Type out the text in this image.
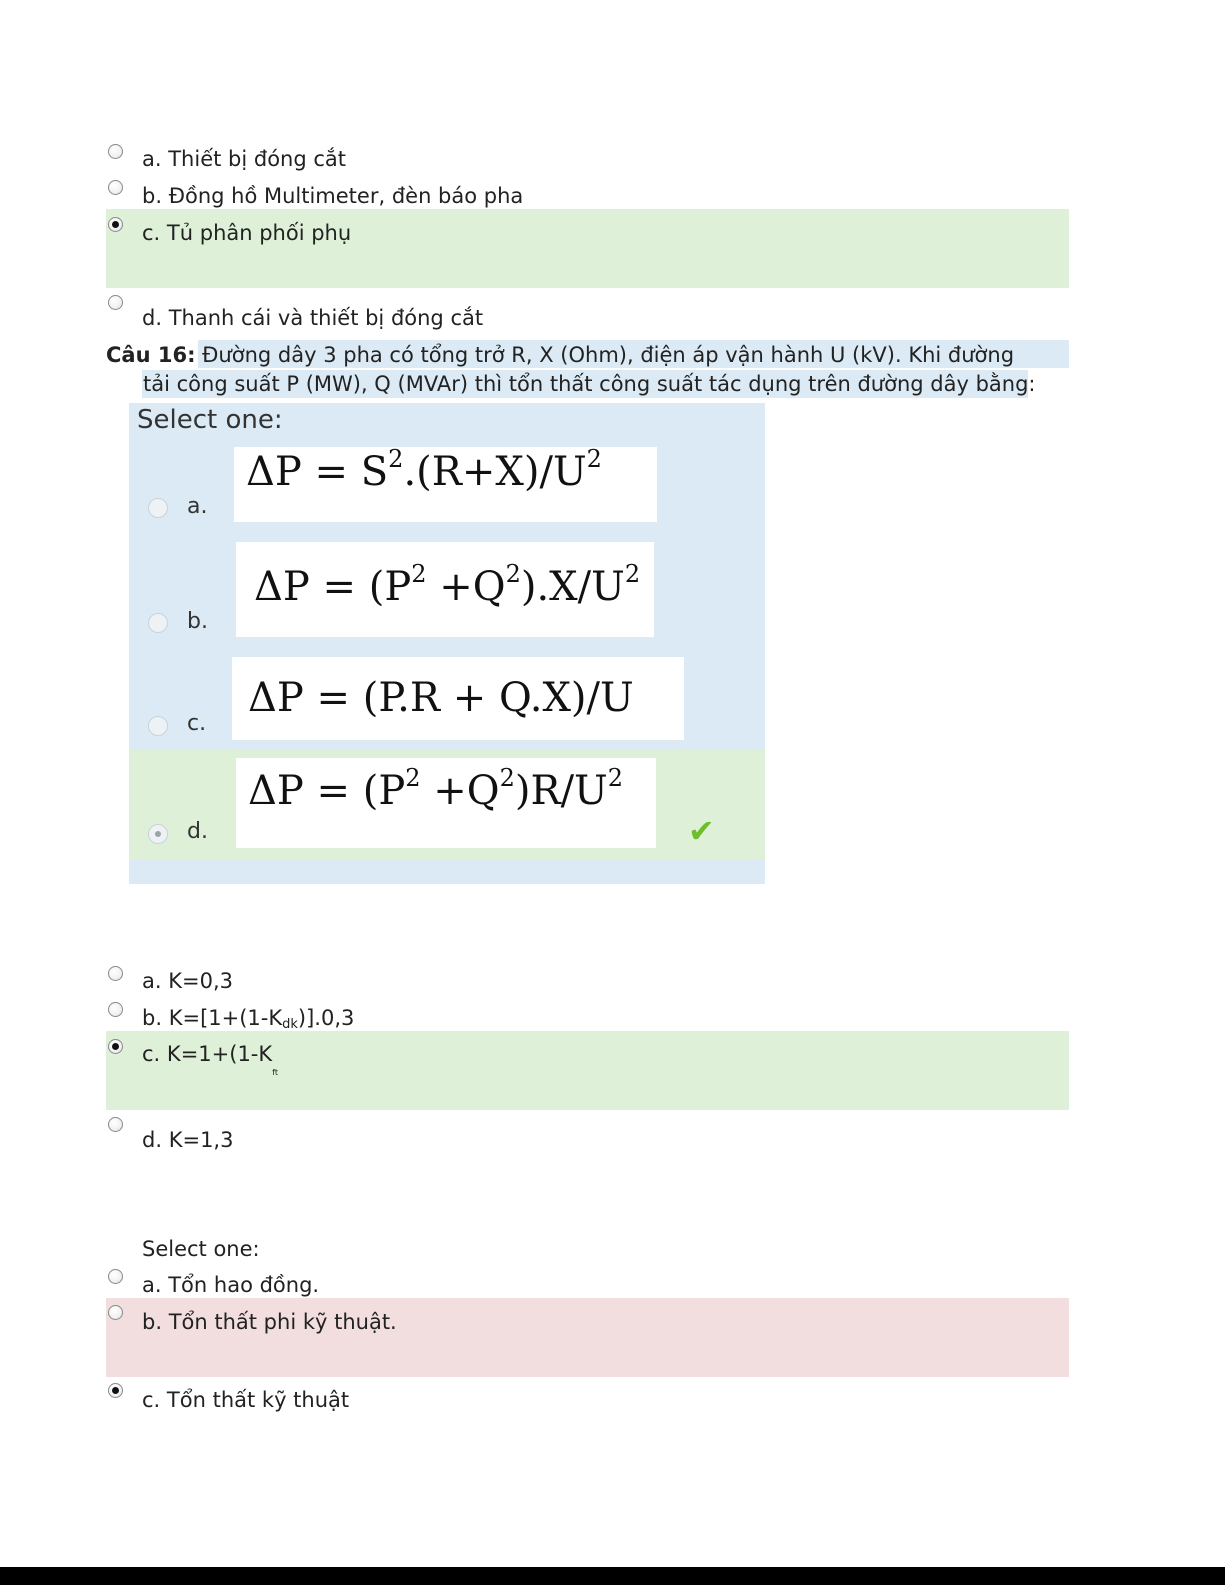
a. Thiết bị đóng cắt
b. Đồng hồ Multimeter, đèn báo pha
c. Tủ phân phối phụ
d. Thanh cái và thiết bị đóng cắt
Câu 16: Đường dây 3 pha có tổng trở R, X (Ohm), điện áp vận hành U (kV). Khi đường
tải công suất P (MW), Q (MVAr) thì tổn thất công suất tác dụng trên đường dây bằng:
Select one:
a.
$\Delta P = S^2.(R+X)/U^2$
b.
$\Delta P = (P^2 +Q^2).X/U^2$
c.
ΔP = (P.R + Q.X)/U
d.
$\Delta P = (P^2 +Q^2)R/U^2$
✔
a. K=0,3
b. K=[1+(1-Kdk)].0,3
c. $K=1+(1-K_{ft}$
d. K=1,3
Select one:
a. Tổn hao đồng.
b. Tổn thất phi kỹ thuật.
c. Tổn thất kỹ thuật
